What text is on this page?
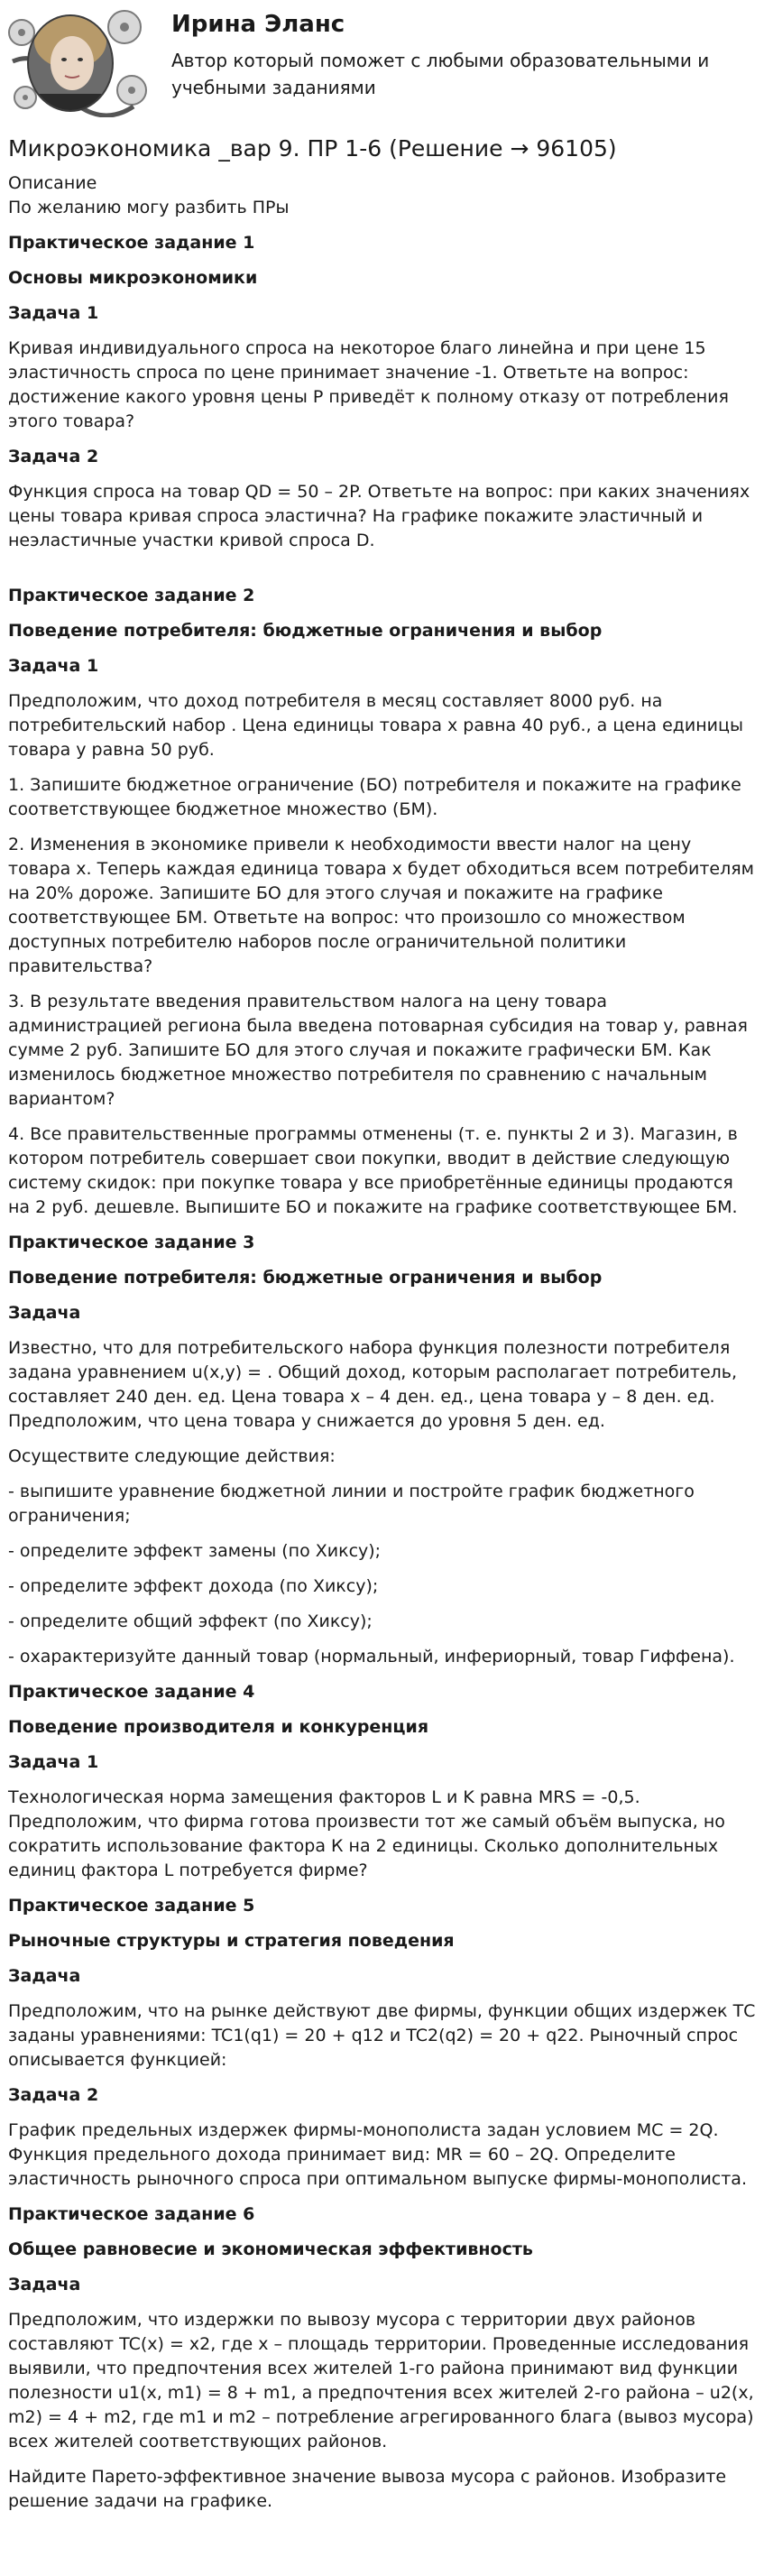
Ирина Эланс
Автор который поможет с любыми образовательными и учебными заданиями
Микроэкономика _вар 9. ПР 1-6 (Решение → 96105)
Описание

По желанию могу разбить ПРы

Практическое задание 1
Основы микроэкономики
Задача 1

Кривая индивидуального спроса на некоторое благо линейна и при цене 15 эластичность спроса по цене принимает значение -1. Ответьте на вопрос: достижение какого уровня цены Р приведёт к полному отказу от потребления этого товара?

Задача 2

Функция спроса на товар QD = 50 – 2P. Ответьте на вопрос: при каких значениях цены товара кривая спроса эластична? На графике покажите эластичный и неэластичные участки кривой спроса D.

Практическое задание 2
Поведение потребителя: бюджетные ограничения и выбор
Задача 1

Предположим, что доход потребителя в месяц составляет 8000 руб. на потребительский набор . Цена единицы товара х равна 40 руб., а цена единицы товара у равна 50 руб.

1. Запишите бюджетное ограничение (БО) потребителя и покажите на графике соответствующее бюджетное множество (БМ).

2. Изменения в экономике привели к необходимости ввести налог на цену товара х. Теперь каждая единица товара х будет обходиться всем потребителям на 20% дороже. Запишите БО для этого случая и покажите на графике соответствующее БМ. Ответьте на вопрос: что произошло со множеством доступных потребителю наборов после ограничительной политики правительства?

3. В результате введения правительством налога на цену товара администрацией региона была введена потоварная субсидия на товар у, равная сумме 2 руб. Запишите БО для этого случая и покажите графически БМ. Как изменилось бюджетное множество потребителя по сравнению с начальным вариантом?

4. Все правительственные программы отменены (т. е. пункты 2 и 3). Магазин, в котором потребитель совершает свои покупки, вводит в действие следующую систему скидок: при покупке товара у все приобретённые единицы продаются на 2 руб. дешевле. Выпишите БО и покажите на графике соответствующее БМ.

Практическое задание 3
Поведение потребителя: бюджетные ограничения и выбор
Задача

Известно, что для потребительского набора функция полезности потребителя задана уравнением u(x,y) = . Общий доход, которым располагает потребитель, составляет 240 ден. ед. Цена товара х – 4 ден. ед., цена товара у – 8 ден. ед. Предположим, что цена товара у снижается до уровня 5 ден. ед.

Осуществите следующие действия:

- выпишите уравнение бюджетной линии и постройте график бюджетного ограничения;

- определите эффект замены (по Хиксу);

- определите эффект дохода (по Хиксу);

- определите общий эффект (по Хиксу);

- охарактеризуйте данный товар (нормальный, инфериорный, товар Гиффена).

Практическое задание 4
Поведение производителя и конкуренция
Задача 1

Технологическая норма замещения факторов L и K равна MRS = -0,5. Предположим, что фирма готова произвести тот же самый объём выпуска, но сократить использование фактора К на 2 единицы. Сколько дополнительных единиц фактора L потребуется фирме?

Практическое задание 5
Рыночные структуры и стратегия поведения
Задача

Предположим, что на рынке действуют две фирмы, функции общих издержек ТС заданы уравнениями: TC1(q1) = 20 + q12 и TC2(q2) = 20 + q22. Рыночный спрос описывается функцией:

Задача 2

График предельных издержек фирмы-монополиста задан условием MC = 2Q. Функция предельного дохода принимает вид: MR = 60 – 2Q. Определите эластичность рыночного спроса при оптимальном выпуске фирмы-монополиста.

Практическое задание 6
Общее равновесие и экономическая эффективность
Задача

Предположим, что издержки по вывозу мусора с территории двух районов составляют TC(x) = x2, где х – площадь территории. Проведенные исследования выявили, что предпочтения всех жителей 1-го района принимают вид функции полезности u1(x, m1) = 8 + m1, а предпочтения всех жителей 2-го района – u2(x, m2) = 4 + m2, где m1 и m2 – потребление агрегированного блага (вывоз мусора) всех жителей соответствующих районов.

Найдите Парето-эффективное значение вывоза мусора с районов. Изобразите решение задачи на графике.
